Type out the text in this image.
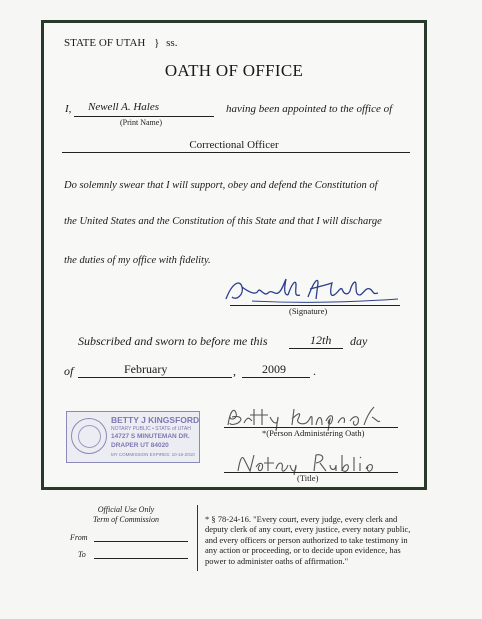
STATE OF UTAH } ss.
OATH OF OFFICE
I, Newell A. Hales
(Print Name)
having been appointed to the office of
Correctional Officer
Do solemnly swear that I will support, obey and defend the Constitution of
the United States and the Constitution of this State and that I will discharge
the duties of my office with fidelity.
(Signature)
Subscribed and sworn to before me this	12th day
of	February	, 2009 .
BETTY J KINGSFORD
NOTARY PUBLIC • STATE of UTAH
14727 S MINUTEMAN DR.
DRAPER UT 84020
MY COMMISSION EXPIRES: 10-16-2010
*(Person Administering Oath)
(Title)
Official Use Only
Term of Commission
From
To
* § 78-24-16. "Every court, every judge, every clerk and deputy clerk of any court, every justice, every notary public, and every officers or person authorized to take testimony in any action or proceeding, or to decide upon evidence, has power to administer oaths of affirmation."
